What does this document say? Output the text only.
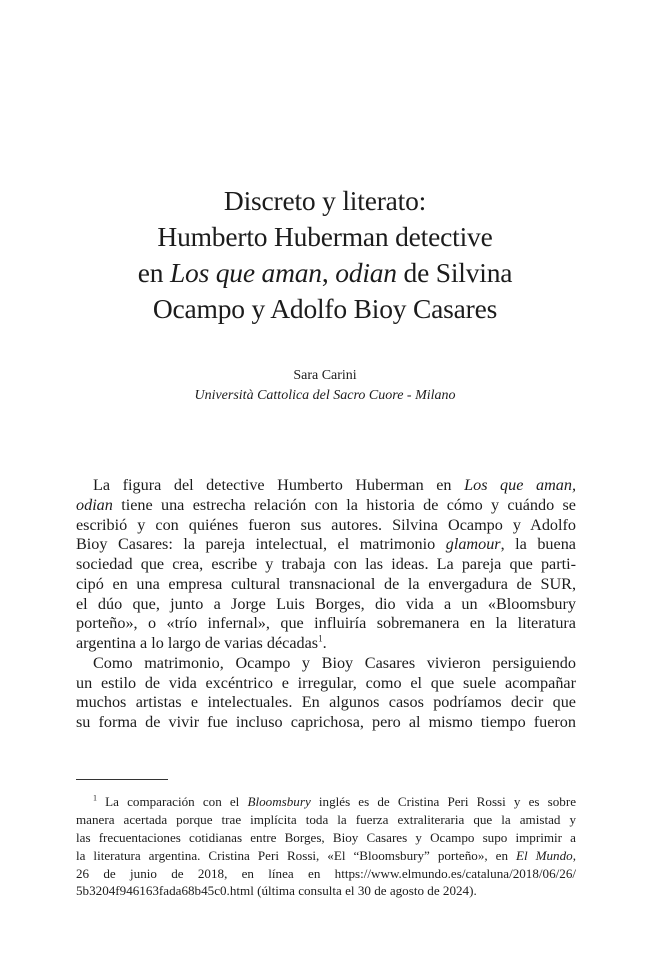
Discreto y literato:
Humberto Huberman detective
en Los que aman, odian de Silvina
Ocampo y Adolfo Bioy Casares
Sara Carini
Università Cattolica del Sacro Cuore - Milano
La figura del detective Humberto Huberman en Los que aman,
odian tiene una estrecha relación con la historia de cómo y cuándo se
escribió y con quiénes fueron sus autores. Silvina Ocampo y Adolfo
Bioy Casares: la pareja intelectual, el matrimonio glamour, la buena
sociedad que crea, escribe y trabaja con las ideas. La pareja que parti-
cipó en una empresa cultural transnacional de la envergadura de SUR,
el dúo que, junto a Jorge Luis Borges, dio vida a un «Bloomsbury
porteño», o «trío infernal», que influiría sobremanera en la literatura
argentina a lo largo de varias décadas$^1$.
Como matrimonio, Ocampo y Bioy Casares vivieron persiguiendo
un estilo de vida excéntrico e irregular, como el que suele acompañar
muchos artistas e intelectuales. En algunos casos podríamos decir que
su forma de vivir fue incluso caprichosa, pero al mismo tiempo fueron
$^1$ La comparación con el Bloomsbury inglés es de Cristina Peri Rossi y es sobre
manera acertada porque trae implícita toda la fuerza extraliteraria que la amistad y
las frecuentaciones cotidianas entre Borges, Bioy Casares y Ocampo supo imprimir a
la literatura argentina. Cristina Peri Rossi, «El “Bloomsbury” porteño», en El Mundo,
26 de junio de 2018, en línea en https://www.elmundo.es/cataluna/2018/06/26/
5b3204f946163fada68b45c0.html (última consulta el 30 de agosto de 2024).
